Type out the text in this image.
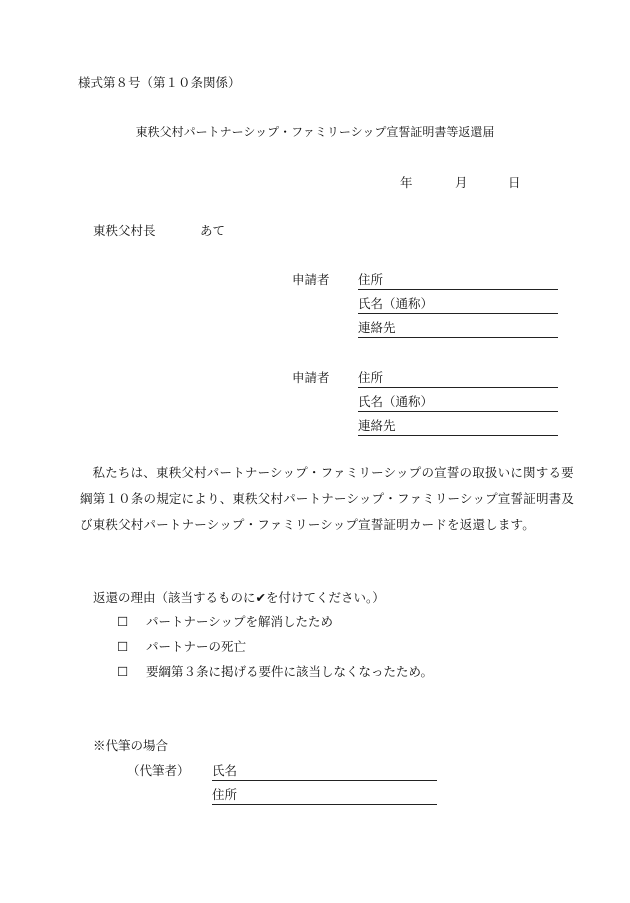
様式第８号（第１０条関係）
東秩父村パートナーシップ・ファミリーシップ宣誓証明書等返還届
年	月	日
東秩父村長	あて
申請者 住所
氏名（通称）
連絡先
申請者 住所
氏名（通称）
連絡先
私たちは、東秩父村パートナーシップ・ファミリーシップの宣誓の取扱いに関する要綱第１０条の規定により、東秩父村パートナーシップ・ファミリーシップ宣誓証明書及び東秩父村パートナーシップ・ファミリーシップ宣誓証明カードを返還します。
返還の理由（該当するものに✔を付けてください。）
☐ パートナーシップを解消したため
☐ パートナーの死亡
☐ 要綱第３条に掲げる要件に該当しなくなったため。
※代筆の場合
（代筆者） 氏名
住所
